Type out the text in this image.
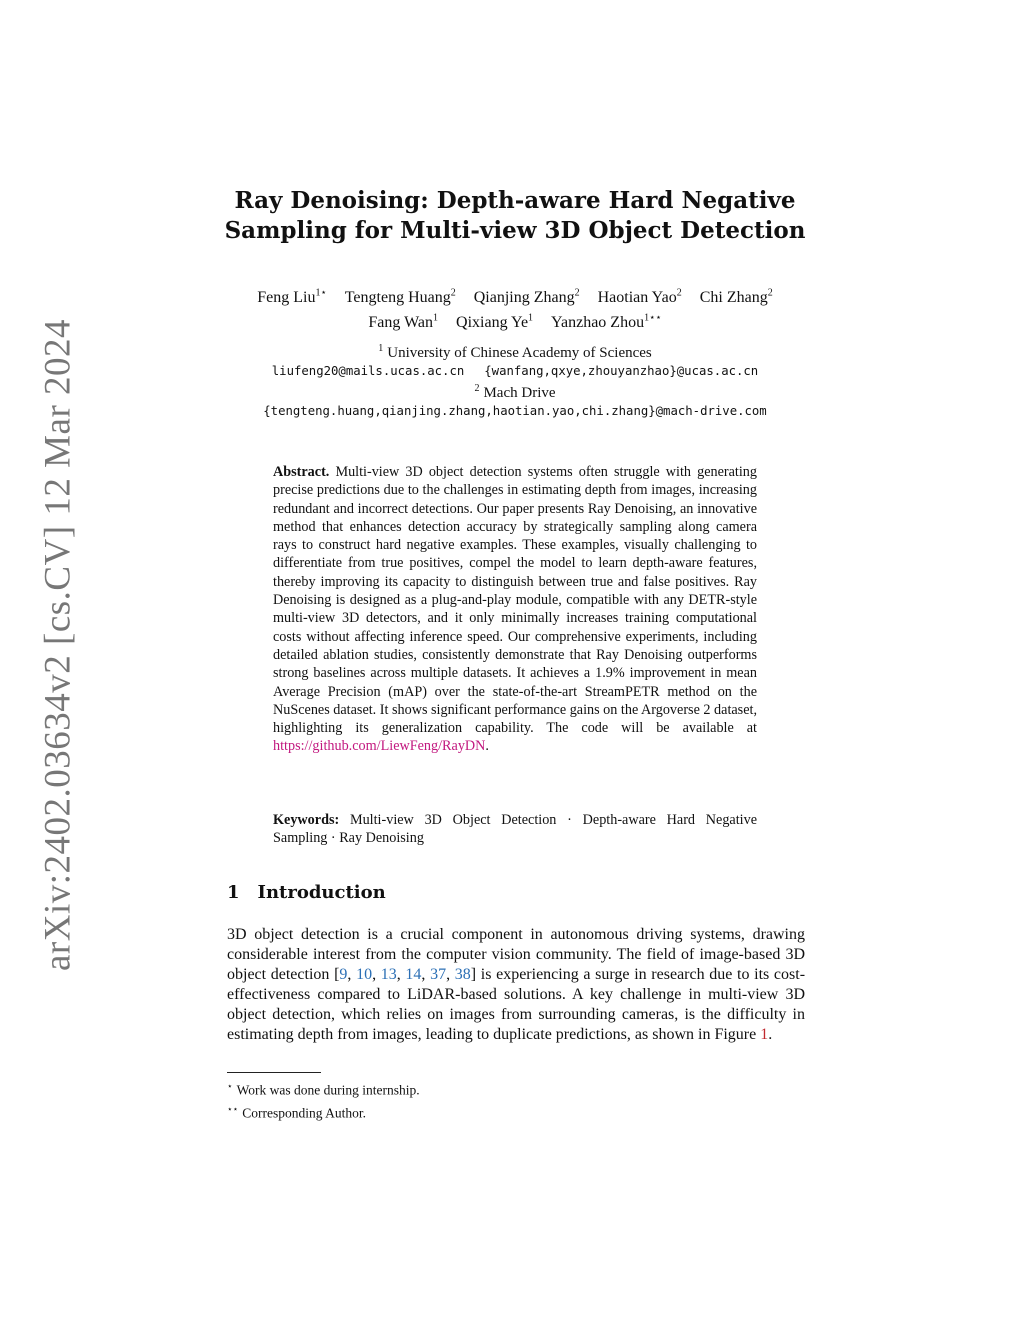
arXiv:2402.03634v2 [cs.CV] 12 Mar 2024
Ray Denoising: Depth-aware Hard Negative
Sampling for Multi-view 3D Object Detection
Feng Liu$^{1⋆}$ Tengteng Huang$^2$ Qianjing Zhang$^2$ Haotian Yao$^2$ Chi Zhang$^2$
Fang Wan$^1$ Qixiang Ye$^1$ Yanzhao Zhou$^{1⋆⋆}$
$^1$ University of Chinese Academy of Sciences
liufeng20@mails.ucas.ac.cn {wanfang,qxye,zhouyanzhao}@ucas.ac.cn
$^2$ Mach Drive
{tengteng.huang,qianjing.zhang,haotian.yao,chi.zhang}@mach-drive.com
Abstract. Multi-view 3D object detection systems often struggle with generating precise predictions due to the challenges in estimating depth from images, increasing redundant and incorrect detections. Our paper presents Ray Denoising, an innovative method that enhances detection accuracy by strategically sampling along camera rays to construct hard negative examples. These examples, visually challenging to differentiate from true positives, compel the model to learn depth-aware features, thereby improving its capacity to distinguish between true and false positives. Ray Denoising is designed as a plug-and-play module, compatible with any DETR-style multi-view 3D detectors, and it only minimally increases training computational costs without affecting inference speed. Our comprehensive experiments, including detailed ablation studies, consistently demonstrate that Ray Denoising outperforms strong baselines across multiple datasets. It achieves a 1.9% improvement in mean Average Precision (mAP) over the state-of-the-art StreamPETR method on the NuScenes dataset. It shows significant performance gains on the Argoverse 2 dataset, highlighting its generalization capability. The code will be available at https://github.com/LiewFeng/RayDN.
Keywords: Multi-view 3D Object Detection · Depth-aware Hard Negative Sampling · Ray Denoising
1 Introduction

3D object detection is a crucial component in autonomous driving systems, drawing considerable interest from the computer vision community. The field of image-based 3D object detection [9, 10, 13, 14, 37, 38] is experiencing a surge in research due to its cost-effectiveness compared to LiDAR-based solutions. A key challenge in multi-view 3D object detection, which relies on images from surrounding cameras, is the difficulty in estimating depth from images, leading to duplicate predictions, as shown in Figure 1.

⋆ Work was done during internship.
⋆⋆ Corresponding Author.
